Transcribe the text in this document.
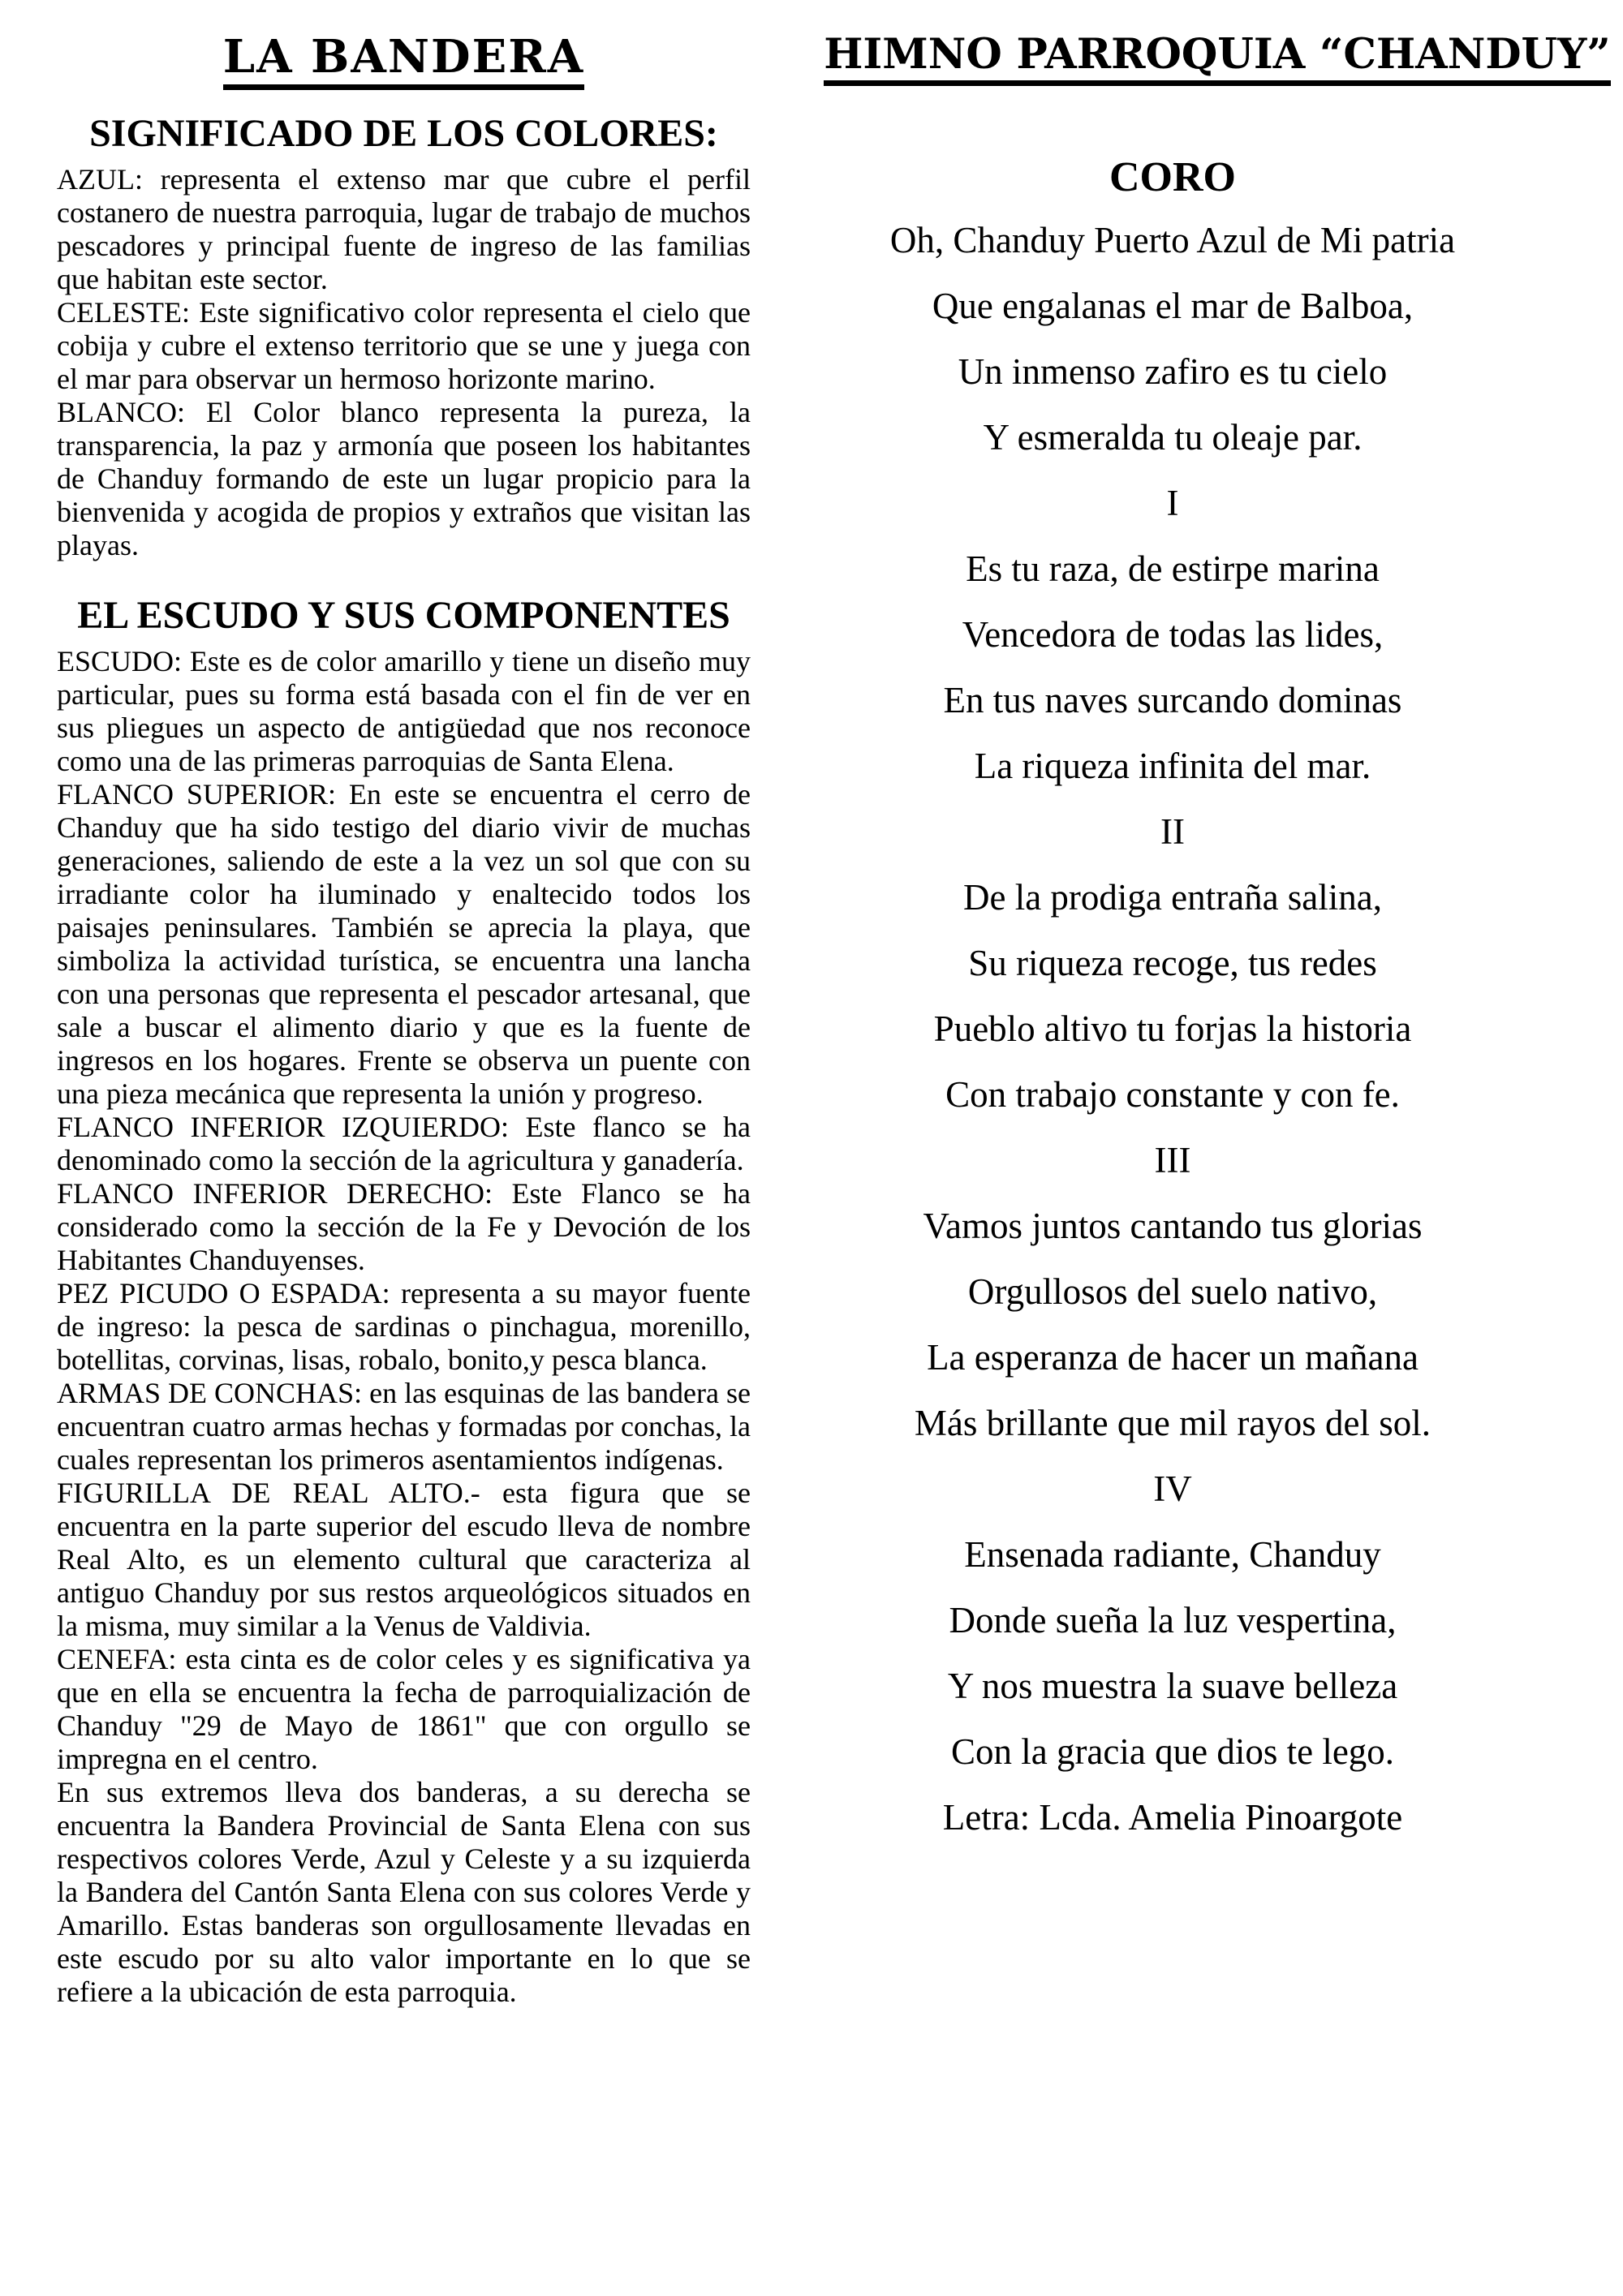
LA BANDERA
SIGNIFICADO DE LOS COLORES:

AZUL: representa el extenso mar que cubre el perfil costanero de nuestra parroquia, lugar de trabajo de muchos pescadores y principal fuente de ingreso de las familias que habitan este sector.

CELESTE: Este significativo color representa el cielo que cobija y cubre el extenso territorio que se une y juega con el mar para observar un hermoso horizonte marino.

BLANCO: El Color blanco representa la pureza, la transparencia, la paz y armonía que poseen los habitantes de Chanduy formando de este un lugar propicio para la bienvenida y acogida de propios y extraños que visitan las playas.

EL ESCUDO Y SUS COMPONENTES

ESCUDO: Este es de color amarillo y tiene un diseño muy particular, pues su forma está basada con el fin de ver en sus pliegues un aspecto de antigüedad que nos reconoce como una de las primeras parroquias de Santa Elena.

FLANCO SUPERIOR: En este se encuentra el cerro de Chanduy que ha sido testigo del diario vivir de muchas generaciones, saliendo de este a la vez un sol que con su irradiante color ha iluminado y enaltecido todos los paisajes peninsulares. También se aprecia la playa, que simboliza la actividad turística, se encuentra una lancha con una personas que representa el pescador artesanal, que sale a buscar el alimento diario y que es la fuente de ingresos en los hogares. Frente se observa un puente con una pieza mecánica que representa la unión y progreso.

FLANCO INFERIOR IZQUIERDO: Este flanco se ha denominado como la sección de la agricultura y ganadería.

FLANCO INFERIOR DERECHO: Este Flanco se ha considerado como la sección de la Fe y Devoción de los Habitantes Chanduyenses.

PEZ PICUDO O ESPADA: representa a su mayor fuente de ingreso: la pesca de sardinas o pinchagua, morenillo, botellitas, corvinas, lisas, robalo, bonito,y pesca blanca.

ARMAS DE CONCHAS: en las esquinas de las bandera se encuentran cuatro armas hechas y formadas por conchas, la cuales representan los primeros asentamientos indígenas.

FIGURILLA DE REAL ALTO.- esta figura que se encuentra en la parte superior del escudo lleva de nombre Real Alto, es un elemento cultural que caracteriza al antiguo Chanduy por sus restos arqueológicos situados en la misma, muy similar a la Venus de Valdivia.

CENEFA: esta cinta es de color celes y es significativa ya que en ella se encuentra la fecha de parroquialización de Chanduy "29 de Mayo de 1861" que con orgullo se impregna en el centro.

En sus extremos lleva dos banderas, a su derecha se encuentra la Bandera Provincial de Santa Elena con sus respectivos colores Verde, Azul y Celeste y a su izquierda la Bandera del Cantón Santa Elena con sus colores Verde y Amarillo. Estas banderas son orgullosamente llevadas en este escudo por su alto valor importante en lo que se refiere a la ubicación de esta parroquia.

HIMNO PARROQUIA “CHANDUY”
CORO
Oh, Chanduy Puerto Azul de Mi patria
Que engalanas el mar de Balboa,
Un inmenso zafiro es tu cielo
Y esmeralda tu oleaje par.
I
Es tu raza, de estirpe marina
Vencedora de todas las lides,
En tus naves surcando dominas
La riqueza infinita del mar.
II
De la prodiga entraña salina,
Su riqueza recoge, tus redes
Pueblo altivo tu forjas la historia
Con trabajo constante y con fe.
III
Vamos juntos cantando tus glorias
Orgullosos del suelo nativo,
La esperanza de hacer un mañana
Más brillante que mil rayos del sol.
IV
Ensenada radiante, Chanduy
Donde sueña la luz vespertina,
Y nos muestra la suave belleza
Con la gracia que dios te lego.
Letra: Lcda. Amelia Pinoargote
